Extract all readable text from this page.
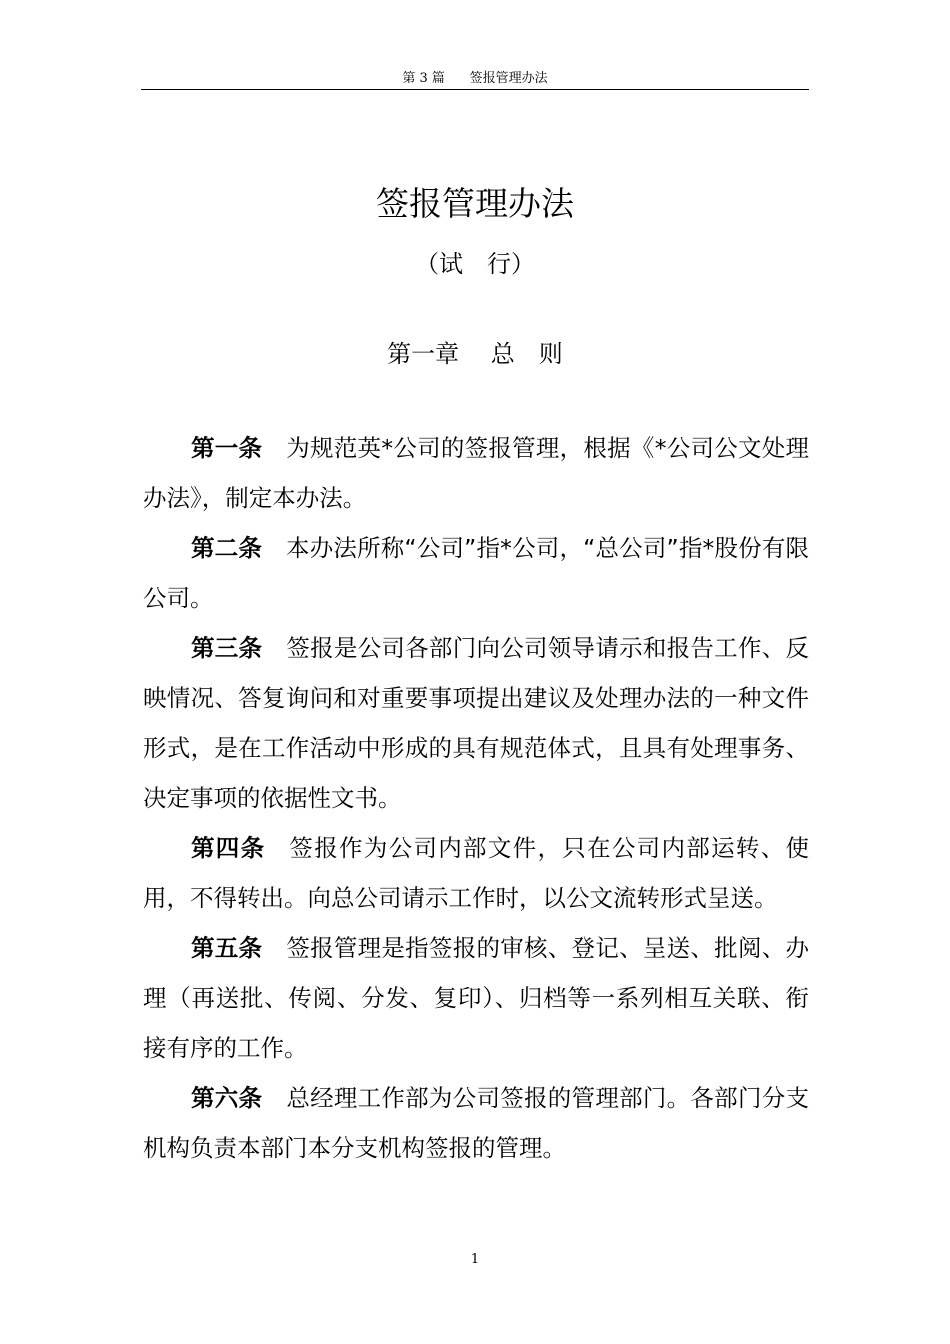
第 3 篇      签报管理办法
签报管理办法
（试　行）
第一章　 总　则

第一条 为规范英*公司的签报管理，根据《*公司公文处理办法》，制定本办法。

第二条 本办法所称“公司”指*公司，“总公司”指*股份有限公司。

第三条 签报是公司各部门向公司领导请示和报告工作、反映情况、答复询问和对重要事项提出建议及处理办法的一种文件形式，是在工作活动中形成的具有规范体式，且具有处理事务、决定事项的依据性文书。

第四条 签报作为公司内部文件，只在公司内部运转、使用，不得转出。向总公司请示工作时，以公文流转形式呈送。

第五条 签报管理是指签报的审核、登记、呈送、批阅、办理（再送批、传阅、分发、复印）、归档等一系列相互关联、衔接有序的工作。

第六条 总经理工作部为公司签报的管理部门。各部门分支机构负责本部门本分支机构签报的管理。

1
